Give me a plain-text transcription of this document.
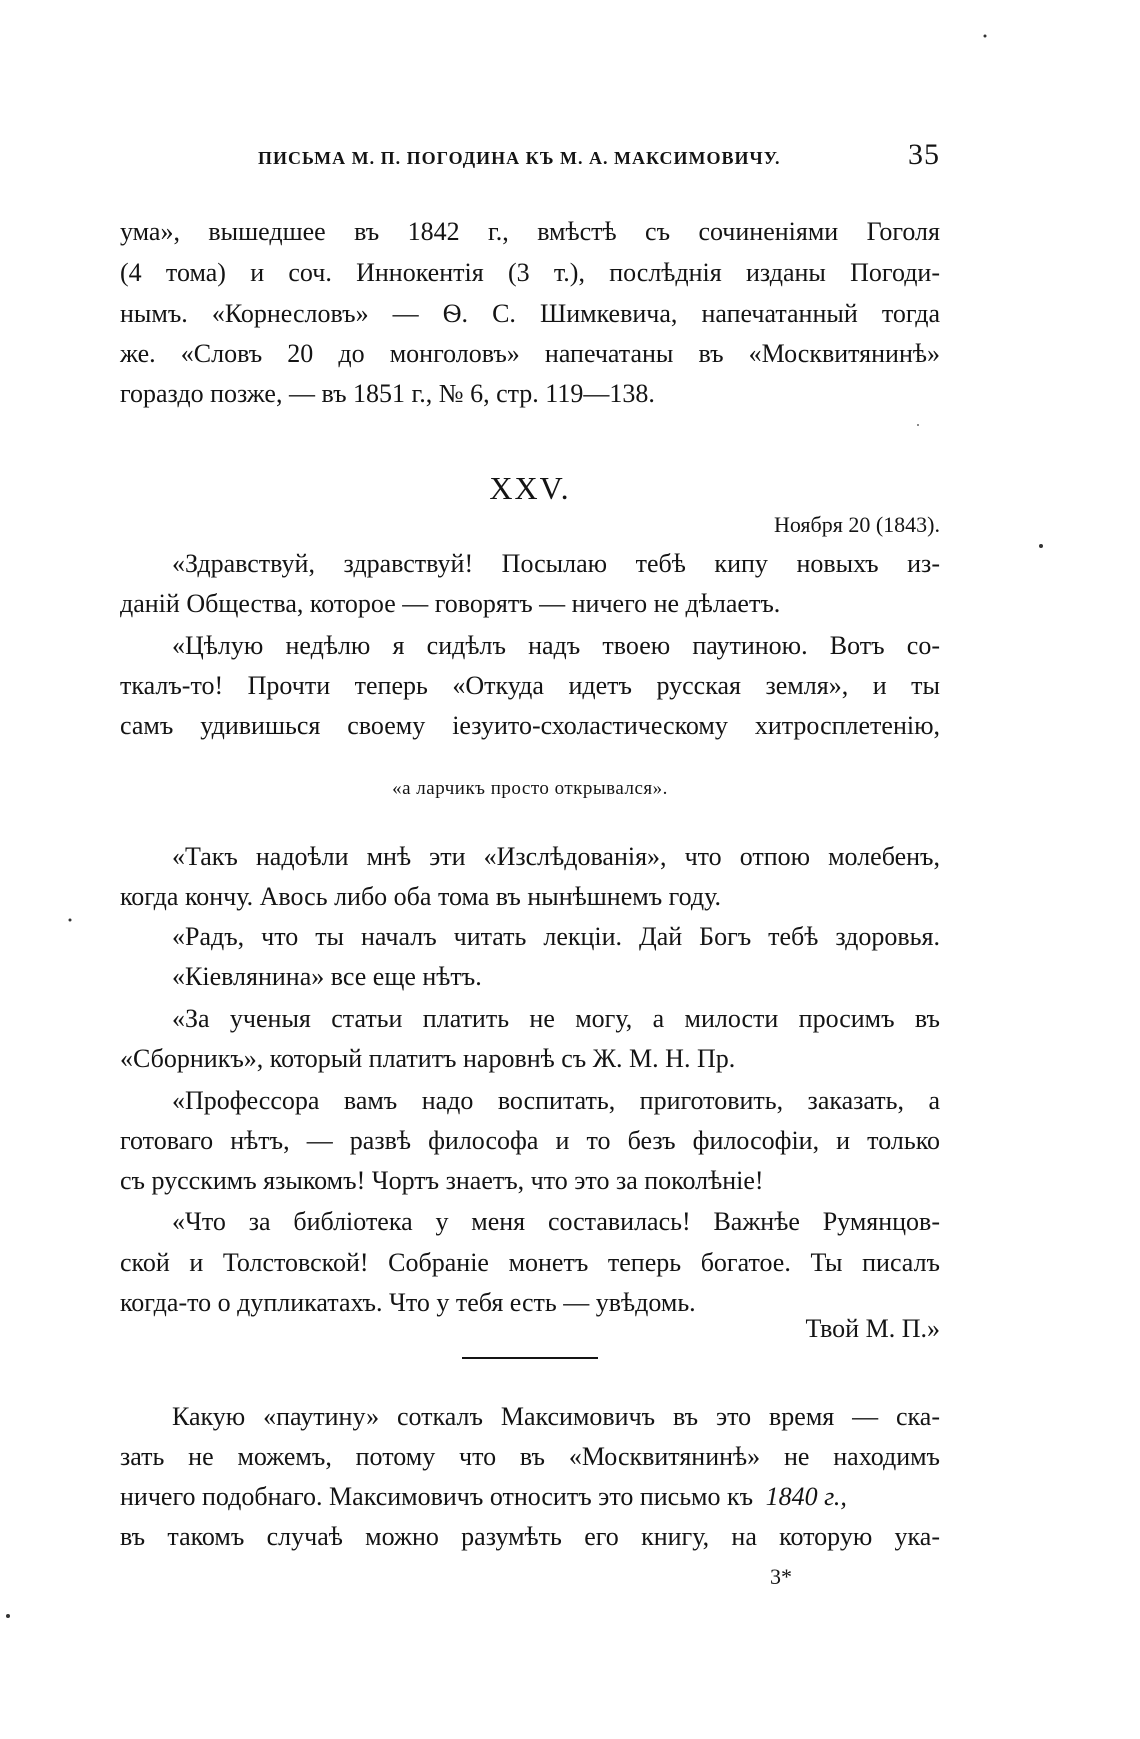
ПИСЬМА М. П. ПОГОДИНА КЪ М. А. МАКСИМОВИЧУ.	35
ума», вышедшее въ 1842 г., вмѣстѣ съ сочиненіями Гоголя
(4 тома) и соч. Иннокентія (3 т.), послѣднія изданы Погоди-
нымъ. «Корнесловъ» — Ѳ. С. Шимкевича, напечатанный тогда
же. «Словъ 20 до монголовъ» напечатаны въ «Москвитянинѣ»
гораздо позже, — въ 1851 г., № 6, стр. 119—138.
XXV.
Ноября 20 (1843).
«Здравствуй, здравствуй! Посылаю тебѣ кипу новыхъ из-
даній Общества, которое — говорятъ — ничего не дѣлаетъ.
«Цѣлую недѣлю я сидѣлъ надъ твоею паутиною. Вотъ со-
ткалъ-то! Прочти теперь «Откуда идетъ русская земля», и ты
самъ удивишься своему іезуито-схоластическому хитросплетенію,
«а ларчикъ просто открывался».
«Такъ надоѣли мнѣ эти «Изслѣдованія», что отпою молебенъ,
когда кончу. Авось либо оба тома въ нынѣшнемъ году.
«Радъ, что ты началъ читать лекціи. Дай Богъ тебѣ здоровья.
«Кіевлянина» все еще нѣтъ.
«За ученыя статьи платить не могу, а милости просимъ въ
«Сборникъ», который платитъ наровнѣ съ Ж. М. Н. Пр.
«Профессора вамъ надо воспитать, приготовить, заказать, а
готоваго нѣтъ, — развѣ философа и то безъ философіи, и только
съ русскимъ языкомъ! Чортъ знаетъ, что это за поколѣніе!
«Что за библіотека у меня составилась! Важнѣе Румянцов-
ской и Толстовской! Собраніе монетъ теперь богатое. Ты писалъ
когда-то о дупликатахъ. Что у тебя есть — увѣдомь.
Твой М. П.»
Какую «паутину» соткалъ Максимовичъ въ это время — ска-
зать не можемъ, потому что въ «Москвитянинѣ» не находимъ
ничего подобнаго. Максимовичъ относитъ это письмо къ 1840 г.,
въ такомъ случаѣ можно разумѣть его книгу, на которую ука-
3*
